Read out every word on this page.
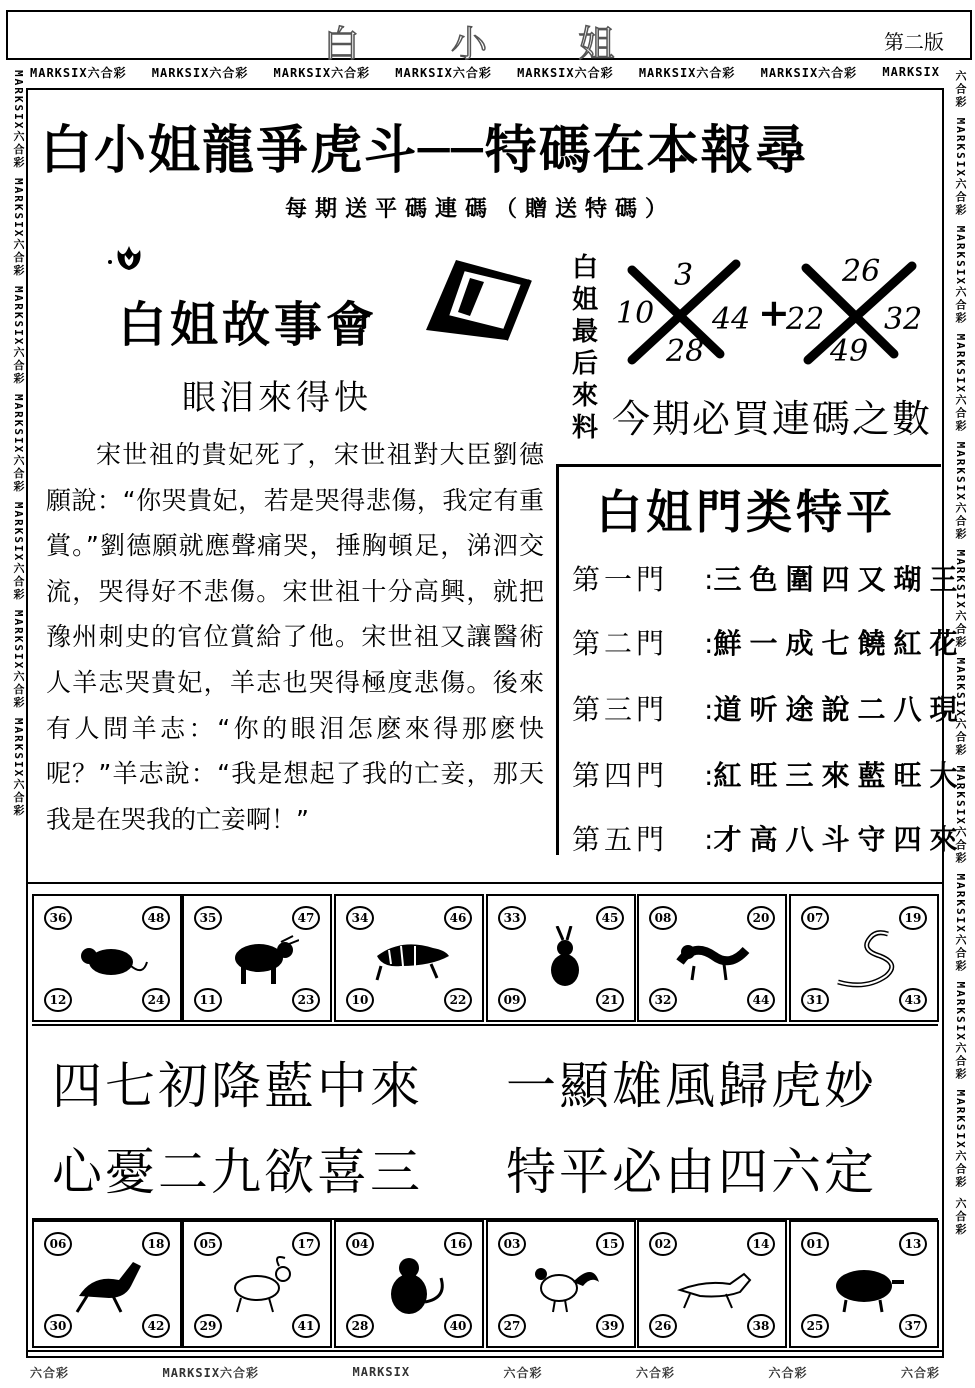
白 小 姐	第二版
MARKSIX六合彩 MARKSIX六合彩 MARKSIX六合彩 MARKSIX六合彩 MARKSIX六合彩 MARKSIX六合彩 MARKSIX六合彩 MARKSIX
MARKSIX六合彩 MARKSIX六合彩 MARKSIX六合彩 MARKSIX六合彩 MARKSIX六合彩 MARKSIX六合彩 MARKSIX六合彩	六合彩 MARKSIX六合彩 MARKSIX六合彩 MARKSIX六合彩 MARKSIX六合彩 MARKSIX六合彩 MARKSIX六合彩 MARKSIX六合彩 MARKSIX六合彩 MARKSIX六合彩 MARKSIX六合彩 六合彩
六合彩	MARKSIX六合彩	MARKSIX	六合彩	六合彩	六合彩	六合彩
白小姐龍爭虎斗──特碼在本報尋
每期送平碼連碼（贈送特碼）
白姐故事會
眼泪來得快

宋世祖的貴妃死了，宋世祖對大臣劉德願說：“你哭貴妃，若是哭得悲傷，我定有重賞。”劉德願就應聲痛哭，捶胸頓足，涕泗交流，哭得好不悲傷。宋世祖十分高興，就把豫州刺史的官位賞給了他。宋世祖又讓醫術人羊志哭貴妃，羊志也哭得極度悲傷。後來有人問羊志：“你的眼泪怎麽來得那麽快呢？”羊志說：“我是想起了我的亡妾，那天我是在哭我的亡妾啊！”

白姐最后來料
10
3
44
28
+
22
26
32
49
今期必買連碼之數
白姐門类特平
第一門 :三色圍四又瑚王
第二門 :鮮一成七饒紅花
第三門 :道听途說二八現
第四門 :紅旺三來藍旺大
第五門 :才高八斗守四來
36	48
12	24
35	47
11	23
34	46
10	22
33	45
09	21
08	20
32	44
07	19
31	43
06	18
30	42
05	17
29	41
04	16
28	40
03	15
27	39
02	14
26	38
01	13
25	37
四七初降藍中來 一顯雄風歸虎妙
心憂二九欲喜三 特平必由四六定
